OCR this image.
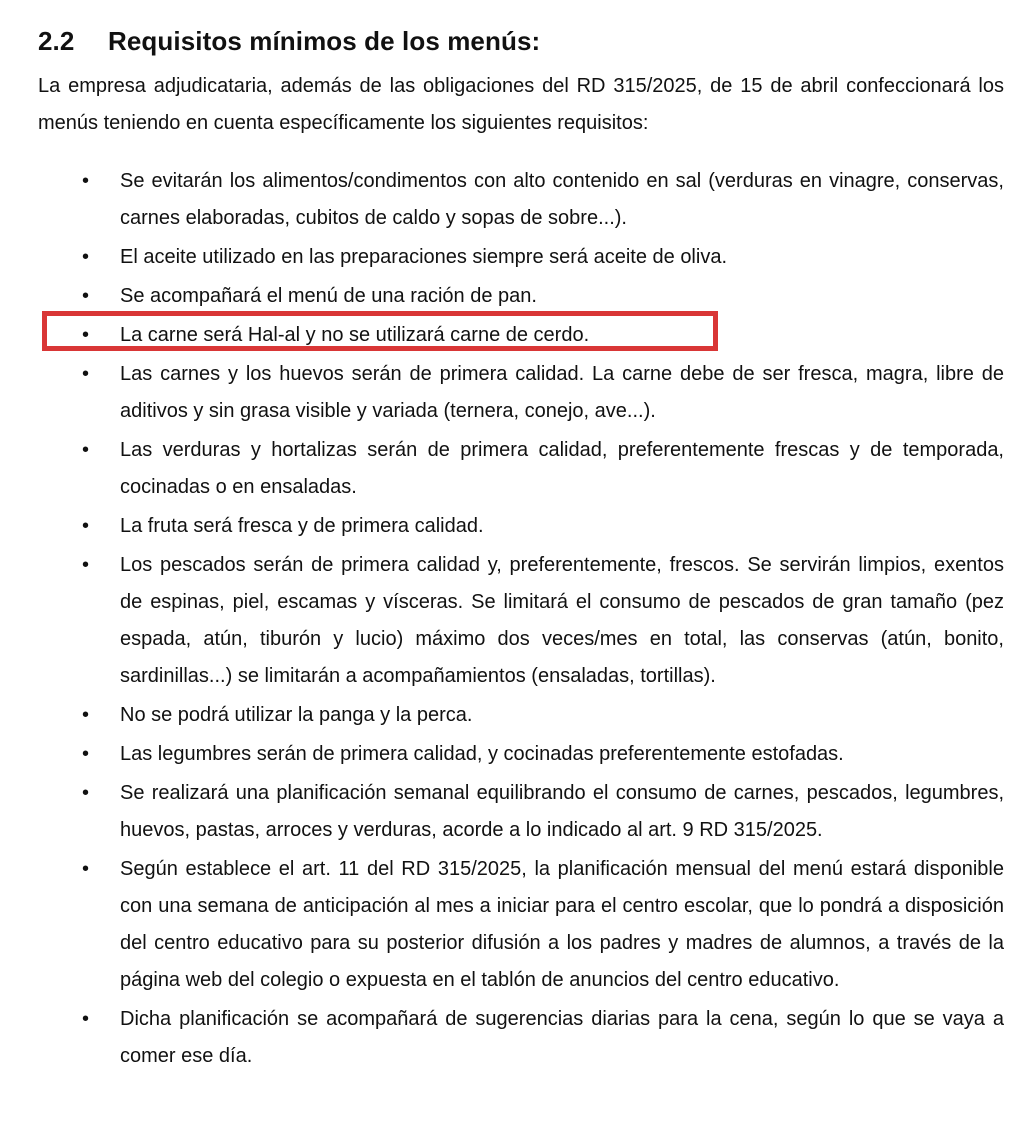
2.2 Requisitos mínimos de los menús:
La empresa adjudicataria, además de las obligaciones del RD 315/2025, de 15 de abril confeccionará los menús teniendo en cuenta específicamente los siguientes requisitos:
• Se evitarán los alimentos/condimentos con alto contenido en sal (verduras en vinagre, conservas, carnes elaboradas, cubitos de caldo y sopas de sobre...).
• El aceite utilizado en las preparaciones siempre será aceite de oliva.
• Se acompañará el menú de una ración de pan.
• La carne será Hal-al y no se utilizará carne de cerdo.
• Las carnes y los huevos serán de primera calidad. La carne debe de ser fresca, magra, libre de aditivos y sin grasa visible y variada (ternera, conejo, ave...).
• Las verduras y hortalizas serán de primera calidad, preferentemente frescas y de temporada, cocinadas o en ensaladas.
• La fruta será fresca y de primera calidad.
• Los pescados serán de primera calidad y, preferentemente, frescos. Se servirán limpios, exentos de espinas, piel, escamas y vísceras. Se limitará el consumo de pescados de gran tamaño (pez espada, atún, tiburón y lucio) máximo dos veces/mes en total, las conservas (atún, bonito, sardinillas...) se limitarán a acompañamientos (ensaladas, tortillas).
• No se podrá utilizar la panga y la perca.
• Las legumbres serán de primera calidad, y cocinadas preferentemente estofadas.
• Se realizará una planificación semanal equilibrando el consumo de carnes, pescados, legumbres, huevos, pastas, arroces y verduras, acorde a lo indicado al art. 9 RD 315/2025.
• Según establece el art. 11 del RD 315/2025, la planificación mensual del menú estará disponible con una semana de anticipación al mes a iniciar para el centro escolar, que lo pondrá a disposición del centro educativo para su posterior difusión a los padres y madres de alumnos, a través de la página web del colegio o expuesta en el tablón de anuncios del centro educativo.
• Dicha planificación se acompañará de sugerencias diarias para la cena, según lo que se vaya a comer ese día.
